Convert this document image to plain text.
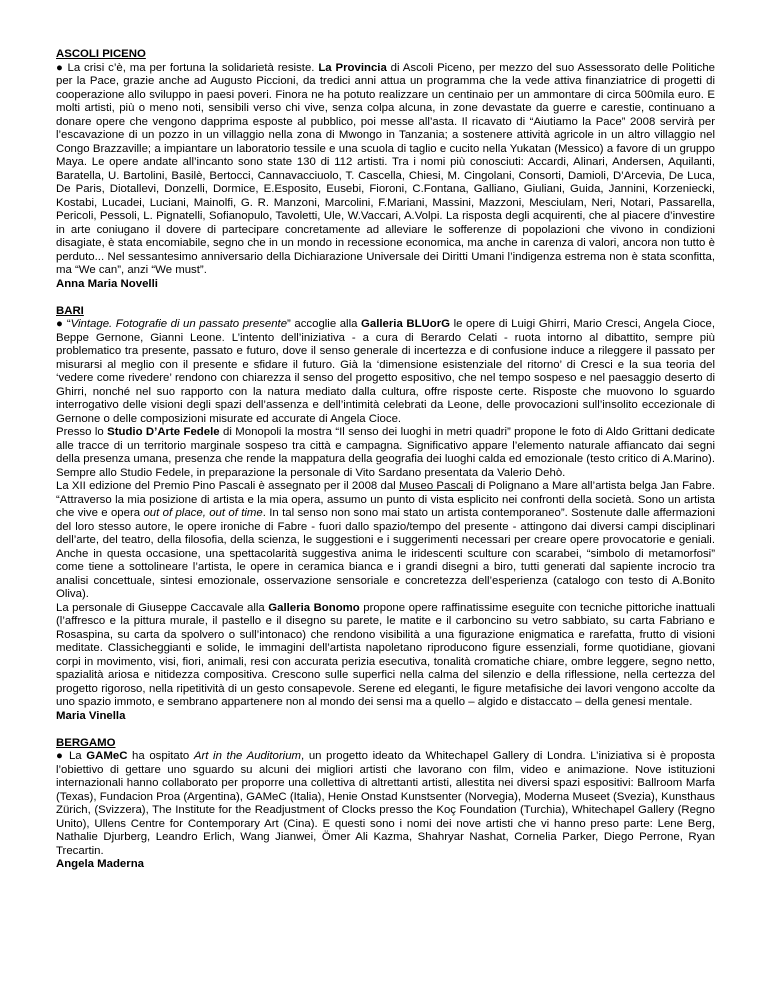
ASCOLI PICENO
● La crisi c’è, ma per fortuna la solidarietà resiste. La Provincia di Ascoli Piceno, per mezzo del suo Assessorato delle Politiche per la Pace, grazie anche ad Augusto Piccioni, da tredici anni attua un programma che la vede attiva finanziatrice di progetti di cooperazione allo sviluppo in paesi poveri. Finora ne ha potuto realizzare un centinaio per un ammontare di circa 500mila euro. E molti artisti, più o meno noti, sensibili verso chi vive, senza colpa alcuna, in zone devastate da guerre e carestie, continuano a donare opere che vengono dapprima esposte al pubblico, poi messe all’asta. Il ricavato di “Aiutiamo la Pace” 2008 servirà per l’escavazione di un pozzo in un villaggio nella zona di Mwongo in Tanzania; a sostenere attività agricole in un altro villaggio nel Congo Brazzaville; a impiantare un laboratorio tessile e una scuola di taglio e cucito nella Yukatan (Messico) a favore di un gruppo Maya. Le opere andate all’incanto sono state 130 di 112 artisti. Tra i nomi più conosciuti: Accardi, Alinari, Andersen, Aquilanti, Baratella, U. Bartolini, Basilè, Bertocci, Cannavacciuolo, T. Cascella, Chiesi, M. Cingolani, Consorti, Damioli, D’Arcevia, De Luca, De Paris, Diotallevi, Donzelli, Dormice, E.Esposito, Eusebi, Fioroni, C.Fontana, Galliano, Giuliani, Guida, Jannini, Korzeniecki, Kostabi, Lucadei, Luciani, Mainolfi, G. R. Manzoni, Marcolini, F.Mariani, Massini, Mazzoni, Mesciulam, Neri, Notari, Passarella, Pericoli, Pessoli, L. Pignatelli, Sofianopulo, Tavoletti, Ule, W.Vaccari, A.Volpi. La risposta degli acquirenti, che al piacere d’investire in arte coniugano il dovere di partecipare concretamente ad alleviare le sofferenze di popolazioni che vivono in condizioni disagiate, è stata encomiabile, segno che in un mondo in recessione economica, ma anche in carenza di valori, ancora non tutto è perduto... Nel sessantesimo anniversario della Dichiarazione Universale dei Diritti Umani l’indigenza estrema non è stata sconfitta, ma “We can”, anzi “We must”.
Anna Maria Novelli
BARI
● “Vintage. Fotografie di un passato presente” accoglie alla Galleria BLUorG le opere di Luigi Ghirri, Mario Cresci, Angela Cioce, Beppe Gernone, Gianni Leone. L’intento dell’iniziativa - a cura di Berardo Celati - ruota intorno al dibattito, sempre più problematico tra presente, passato e futuro, dove il senso generale di incertezza e di confusione induce a rileggere il passato per misurarsi al meglio con il presente e sfidare il futuro. Già la ‘dimensione esistenziale del ritorno’ di Cresci e la sua teoria del ‘vedere come rivedere’ rendono con chiarezza il senso del progetto espositivo, che nel tempo sospeso e nel paesaggio deserto di Ghirri, nonché nel suo rapporto con la natura mediato dalla cultura, offre risposte certe. Risposte che muovono lo sguardo interrogativo delle visioni degli spazi dell’assenza e dell’intimità celebrati da Leone, delle provocazioni sull’insolito eccezionale di Gernone o delle composizioni misurate ed accurate di Angela Cioce.
Presso lo Studio D’Arte Fedele di Monopoli la mostra “Il senso dei luoghi in metri quadri” propone le foto di Aldo Grittani dedicate alle tracce di un territorio marginale sospeso tra città e campagna. Significativo appare l’elemento naturale affiancato dai segni della presenza umana, presenza che rende la mappatura della geografia dei luoghi calda ed emozionale (testo critico di A.Marino). Sempre allo Studio Fedele, in preparazione la personale di Vito Sardano presentata da Valerio Dehò.
La XII edizione del Premio Pino Pascali è assegnato per il 2008 dal Museo Pascali di Polignano a Mare all’artista belga Jan Fabre. “Attraverso la mia posizione di artista e la mia opera, assumo un punto di vista esplicito nei confronti della società. Sono un artista che vive e opera out of place, out of time. In tal senso non sono mai stato un artista contemporaneo”. Sostenute dalle affermazioni del loro stesso autore, le opere ironiche di Fabre - fuori dallo spazio/tempo del presente - attingono dai diversi campi disciplinari dell’arte, del teatro, della filosofia, della scienza, le suggestioni e i suggerimenti necessari per creare opere provocatorie e geniali. Anche in questa occasione, una spettacolarità suggestiva anima le iridescenti sculture con scarabei, “simbolo di metamorfosi” come tiene a sottolineare l’artista, le opere in ceramica bianca e i grandi disegni a biro, tutti generati dal sapiente incrocio tra analisi concettuale, sintesi emozionale, osservazione sensoriale e concretezza dell’esperienza (catalogo con testo di A.Bonito Oliva).
La personale di Giuseppe Caccavale alla Galleria Bonomo propone opere raffinatissime eseguite con tecniche pittoriche inattuali (l’affresco e la pittura murale, il pastello e il disegno su parete, le matite e il carboncino su vetro sabbiato, su carta Fabriano e Rosaspina, su carta da spolvero o sull’intonaco) che rendono visibilità a una figurazione enigmatica e rarefatta, frutto di visioni meditate. Classicheggianti e solide, le immagini dell’artista napoletano riproducono figure essenziali, forme quotidiane, giovani corpi in movimento, visi, fiori, animali, resi con accurata perizia esecutiva, tonalità cromatiche chiare, ombre leggere, segno netto, spazialità ariosa e nitidezza compositiva. Crescono sulle superfici nella calma del silenzio e della riflessione, nella certezza del progetto rigoroso, nella ripetitività di un gesto consapevole. Serene ed eleganti, le figure metafisiche dei lavori vengono accolte da uno spazio immoto, e sembrano appartenere non al mondo dei sensi ma a quello – algido e distaccato – della genesi mentale.
Maria Vinella
BERGAMO
● La GAMeC ha ospitato Art in the Auditorium, un progetto ideato da Whitechapel Gallery di Londra. L’iniziativa si è proposta l’obiettivo di gettare uno sguardo su alcuni dei migliori artisti che lavorano con film, video e animazione. Nove istituzioni internazionali hanno collaborato per proporre una collettiva di altrettanti artisti, allestita nei diversi spazi espositivi: Ballroom Marfa (Texas), Fundacion Proa (Argentina), GAMeC (Italia), Henie Onstad Kunstsenter (Norvegia), Moderna Museet (Svezia), Kunsthaus Zürich, (Svizzera), The Institute for the Readjustment of Clocks presso the Koç Foundation (Turchia), Whitechapel Gallery (Regno Unito), Ullens Centre for Contemporary Art (Cina). E questi sono i nomi dei nove artisti che vi hanno preso parte: Lene Berg, Nathalie Djurberg, Leandro Erlich, Wang Jianwei, Ömer Ali Kazma, Shahryar Nashat, Cornelia Parker, Diego Perrone, Ryan Trecartin.
Angela Maderna
